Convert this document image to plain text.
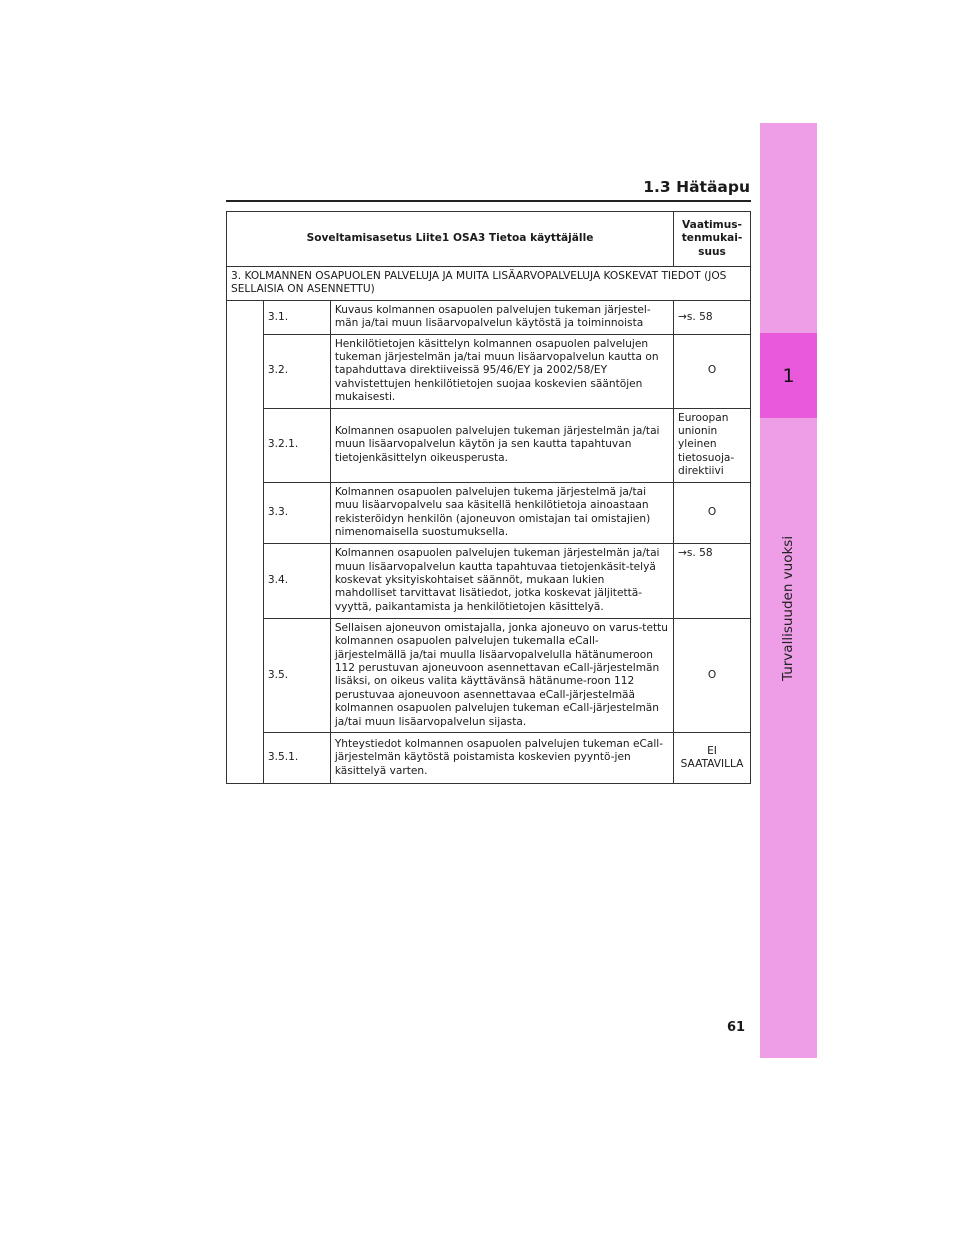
1
Turvallisuuden vuoksi
1.3 Hätäapu
Soveltamisasetus Liite1 OSA3 Tietoa käyttäjälle			Vaatimus-tenmukai-suus
3. KOLMANNEN OSAPUOLEN PALVELUJA JA MUITA LISÄARVOPALVELUJA KOSKEVAT TIEDOT (JOS SELLAISIA ON ASENNETTU)			
	3.1.	Kuvaus kolmannen osapuolen palvelujen tukeman järjestel-män ja/tai muun lisäarvopalvelun käytöstä ja toiminnoista	→s. 58
	3.2.	Henkilötietojen käsittelyn kolmannen osapuolen palvelujen tukeman järjestelmän ja/tai muun lisäarvopalvelun kautta on tapahduttava direktiiveissä 95/46/EY ja 2002/58/EY vahvistettujen henkilötietojen suojaa koskevien sääntöjen mukaisesti.	O
	3.2.1.	Kolmannen osapuolen palvelujen tukeman järjestelmän ja/tai muun lisäarvopalvelun käytön ja sen kautta tapahtuvan tietojenkäsittelyn oikeusperusta.	Euroopan unionin yleinen tietosuoja-direktiivi
	3.3.	Kolmannen osapuolen palvelujen tukema järjestelmä ja/tai muu lisäarvopalvelu saa käsitellä henkilötietoja ainoastaan rekisteröidyn henkilön (ajoneuvon omistajan tai omistajien) nimenomaisella suostumuksella.	O
	3.4.	Kolmannen osapuolen palvelujen tukeman järjestelmän ja/tai muun lisäarvopalvelun kautta tapahtuvaa tietojenkäsit-telyä koskevat yksityiskohtaiset säännöt, mukaan lukien mahdolliset tarvittavat lisätiedot, jotka koskevat jäljitettä-vyyttä, paikantamista ja henkilötietojen käsittelyä.	→s. 58
	3.5.	Sellaisen ajoneuvon omistajalla, jonka ajoneuvo on varus-tettu kolmannen osapuolen palvelujen tukemalla eCall-järjestelmällä ja/tai muulla lisäarvopalvelulla hätänumeroon 112 perustuvan ajoneuvoon asennettavan eCall-järjestelmän lisäksi, on oikeus valita käyttävänsä hätänume-roon 112 perustuvaa ajoneuvoon asennettavaa eCall-järjestelmää kolmannen osapuolen palvelujen tukeman eCall-järjestelmän ja/tai muun lisäarvopalvelun sijasta.	O
	3.5.1.	Yhteystiedot kolmannen osapuolen palvelujen tukeman eCall-järjestelmän käytöstä poistamista koskevien pyyntö-jen käsittelyä varten.	EI SAATAVILLA
61
